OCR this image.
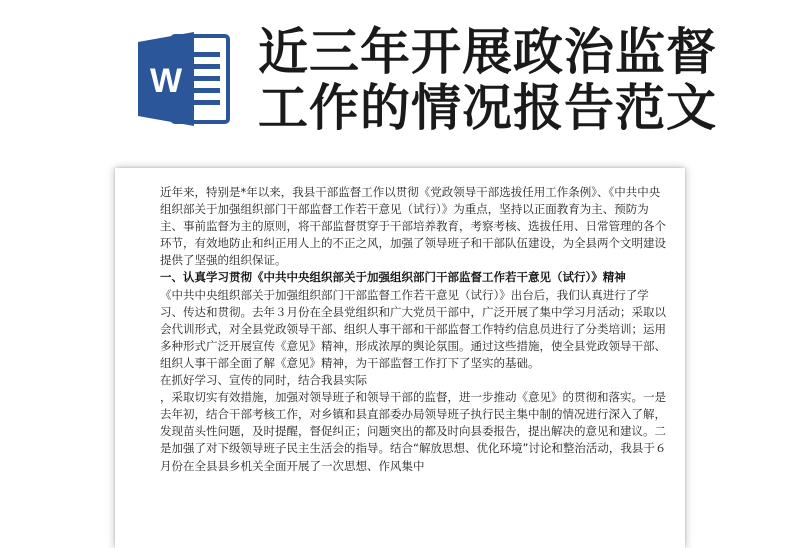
W 近三年开展政治监督
工作的情况报告范文

近年来，特别是*年以来，我县干部监督工作以贯彻《党政领导干部选拔任用工作条例》、《中共中央组织部关于加强组织部门干部监督工作若干意见（试行）》为重点，坚持以正面教育为主、预防为主、事前监督为主的原则，将干部监督贯穿于干部培养教育，考察考核、选拔任用、日常管理的各个环节，有效地防止和纠正用人上的不正之风，加强了领导班子和干部队伍建设，为全县两个文明建设提供了坚强的组织保证。

一、认真学习贯彻《中共中央组织部关于加强组织部门干部监督工作若干意见（试行）》精神

《中共中央组织部关于加强组织部门干部监督工作若干意见（试行）》出台后，我们认真进行了学习、传达和贯彻。去年３月份在全县党组织和广大党员干部中，广泛开展了集中学习月活动；采取以会代训形式，对全县党政领导干部、组织人事干部和干部监督工作特约信息员进行了分类培训；运用多种形式广泛开展宣传《意见》精神，形成浓厚的舆论氛围。通过这些措施，使全县党政领导干部、组织人事干部全面了解《意见》精神，为干部监督工作打下了坚实的基础。

在抓好学习、宣传的同时，结合我县实际

，采取切实有效措施，加强对领导班子和领导干部的监督，进一步推动《意见》的贯彻和落实。一是去年初，结合干部考核工作，对乡镇和县直部委办局领导班子执行民主集中制的情况进行深入了解，发现苗头性问题，及时提醒，督促纠正；问题突出的都及时向县委报告，提出解决的意见和建议。二是加强了对下级领导班子民主生活会的指导。结合“解放思想、优化环境”讨论和整治活动，我县于６月份在全县县乡机关全面开展了一次思想、作风集中
